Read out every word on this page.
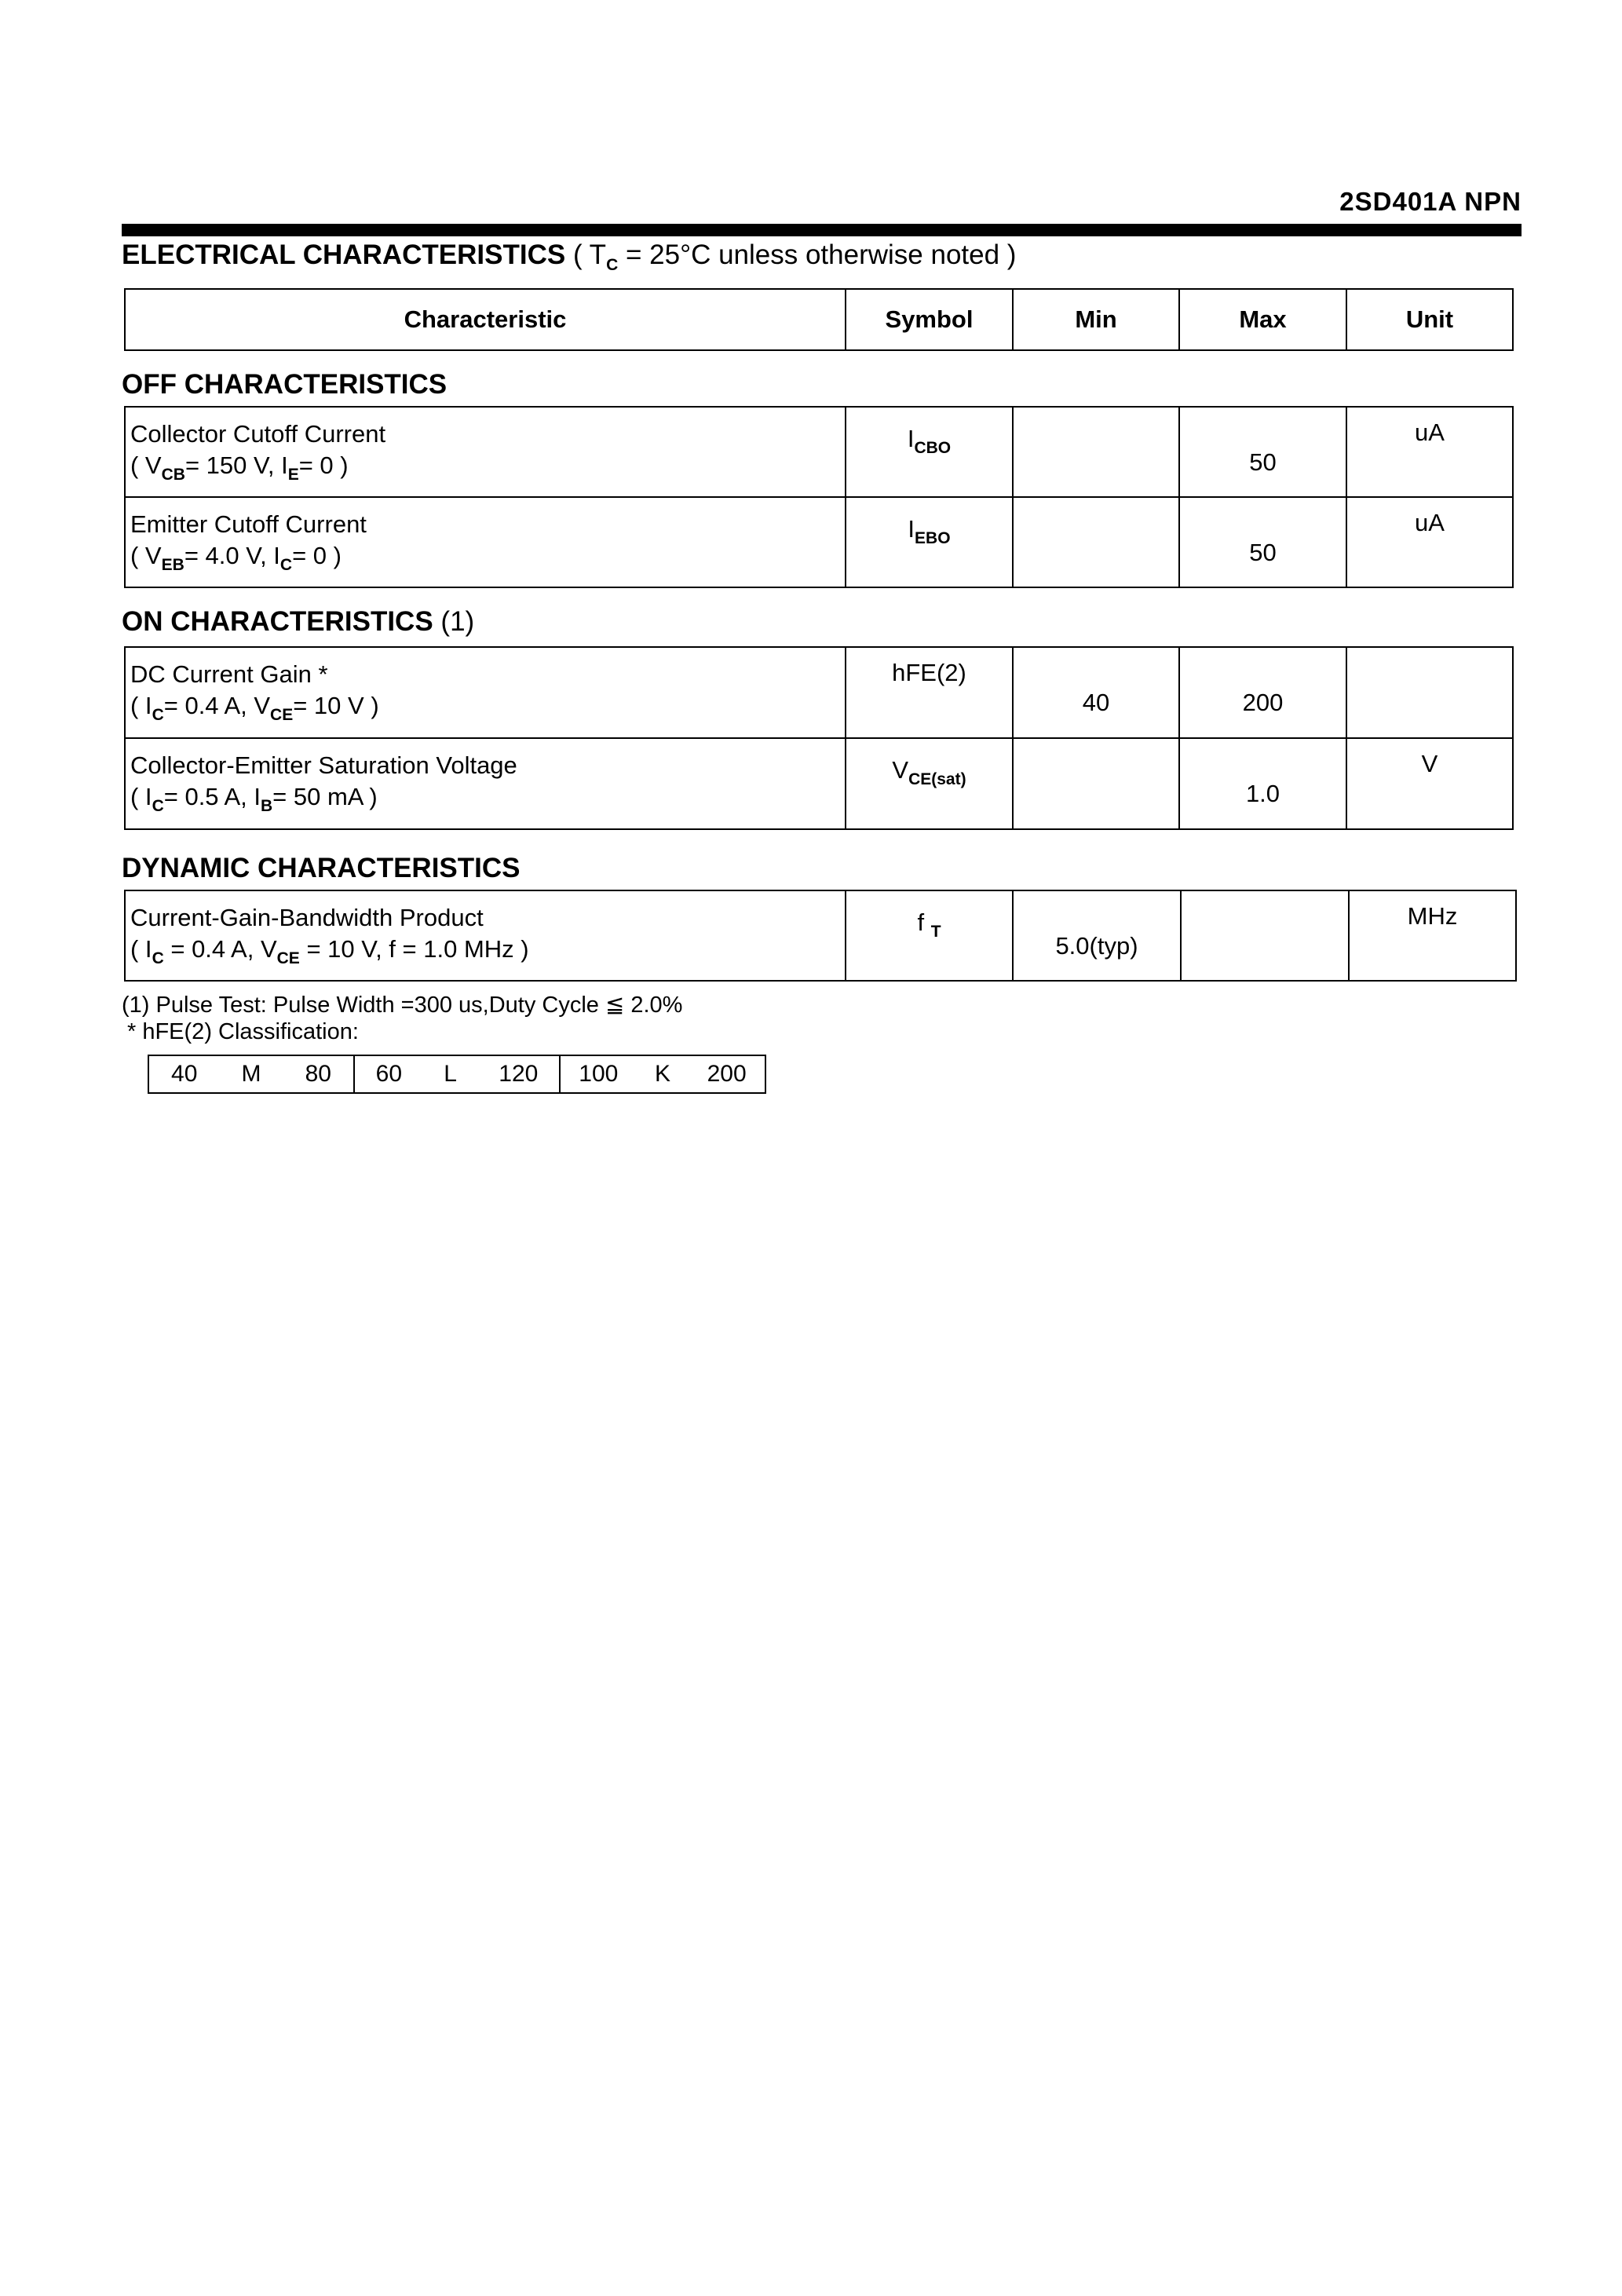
2SD401A NPN
ELECTRICAL CHARACTERISTICS ( $T_C = 25^\circ C$ unless otherwise noted )
Characteristic	Symbol	Min	Max	Unit
OFF CHARACTERISTICS
Collector Cutoff Current
( $V_{CB}= 150$ V, $I_E= 0$ )	$I_{CBO}$		50	uA

Emitter Cutoff Current
( $V_{EB}= 4.0$ V, $I_C= 0$ )	$I_{EBO}$		50	uA
ON CHARACTERISTICS (1)
DC Current Gain *
( $I_C= 0.4$ A, $V_{CE}= 10$ V )	hFE(2)	40	200	

Collector-Emitter Saturation Voltage
( $I_C= 0.5$ A, $I_B= 50$ mA )	$V_{CE(sat)}$		1.0	V
DYNAMIC CHARACTERISTICS
Current-Gain-Bandwidth Product
( $I_C = 0.4$ A, $V_{CE} = 10$ V, f = 1.0 MHz )
	f $_T$	5.0(typ)		MHz
(1) Pulse Test: Pulse Width =300 us,Duty Cycle ≦ 2.0%
* hFE(2) Classification:
40 M 80	60 L 120	100 K 200
